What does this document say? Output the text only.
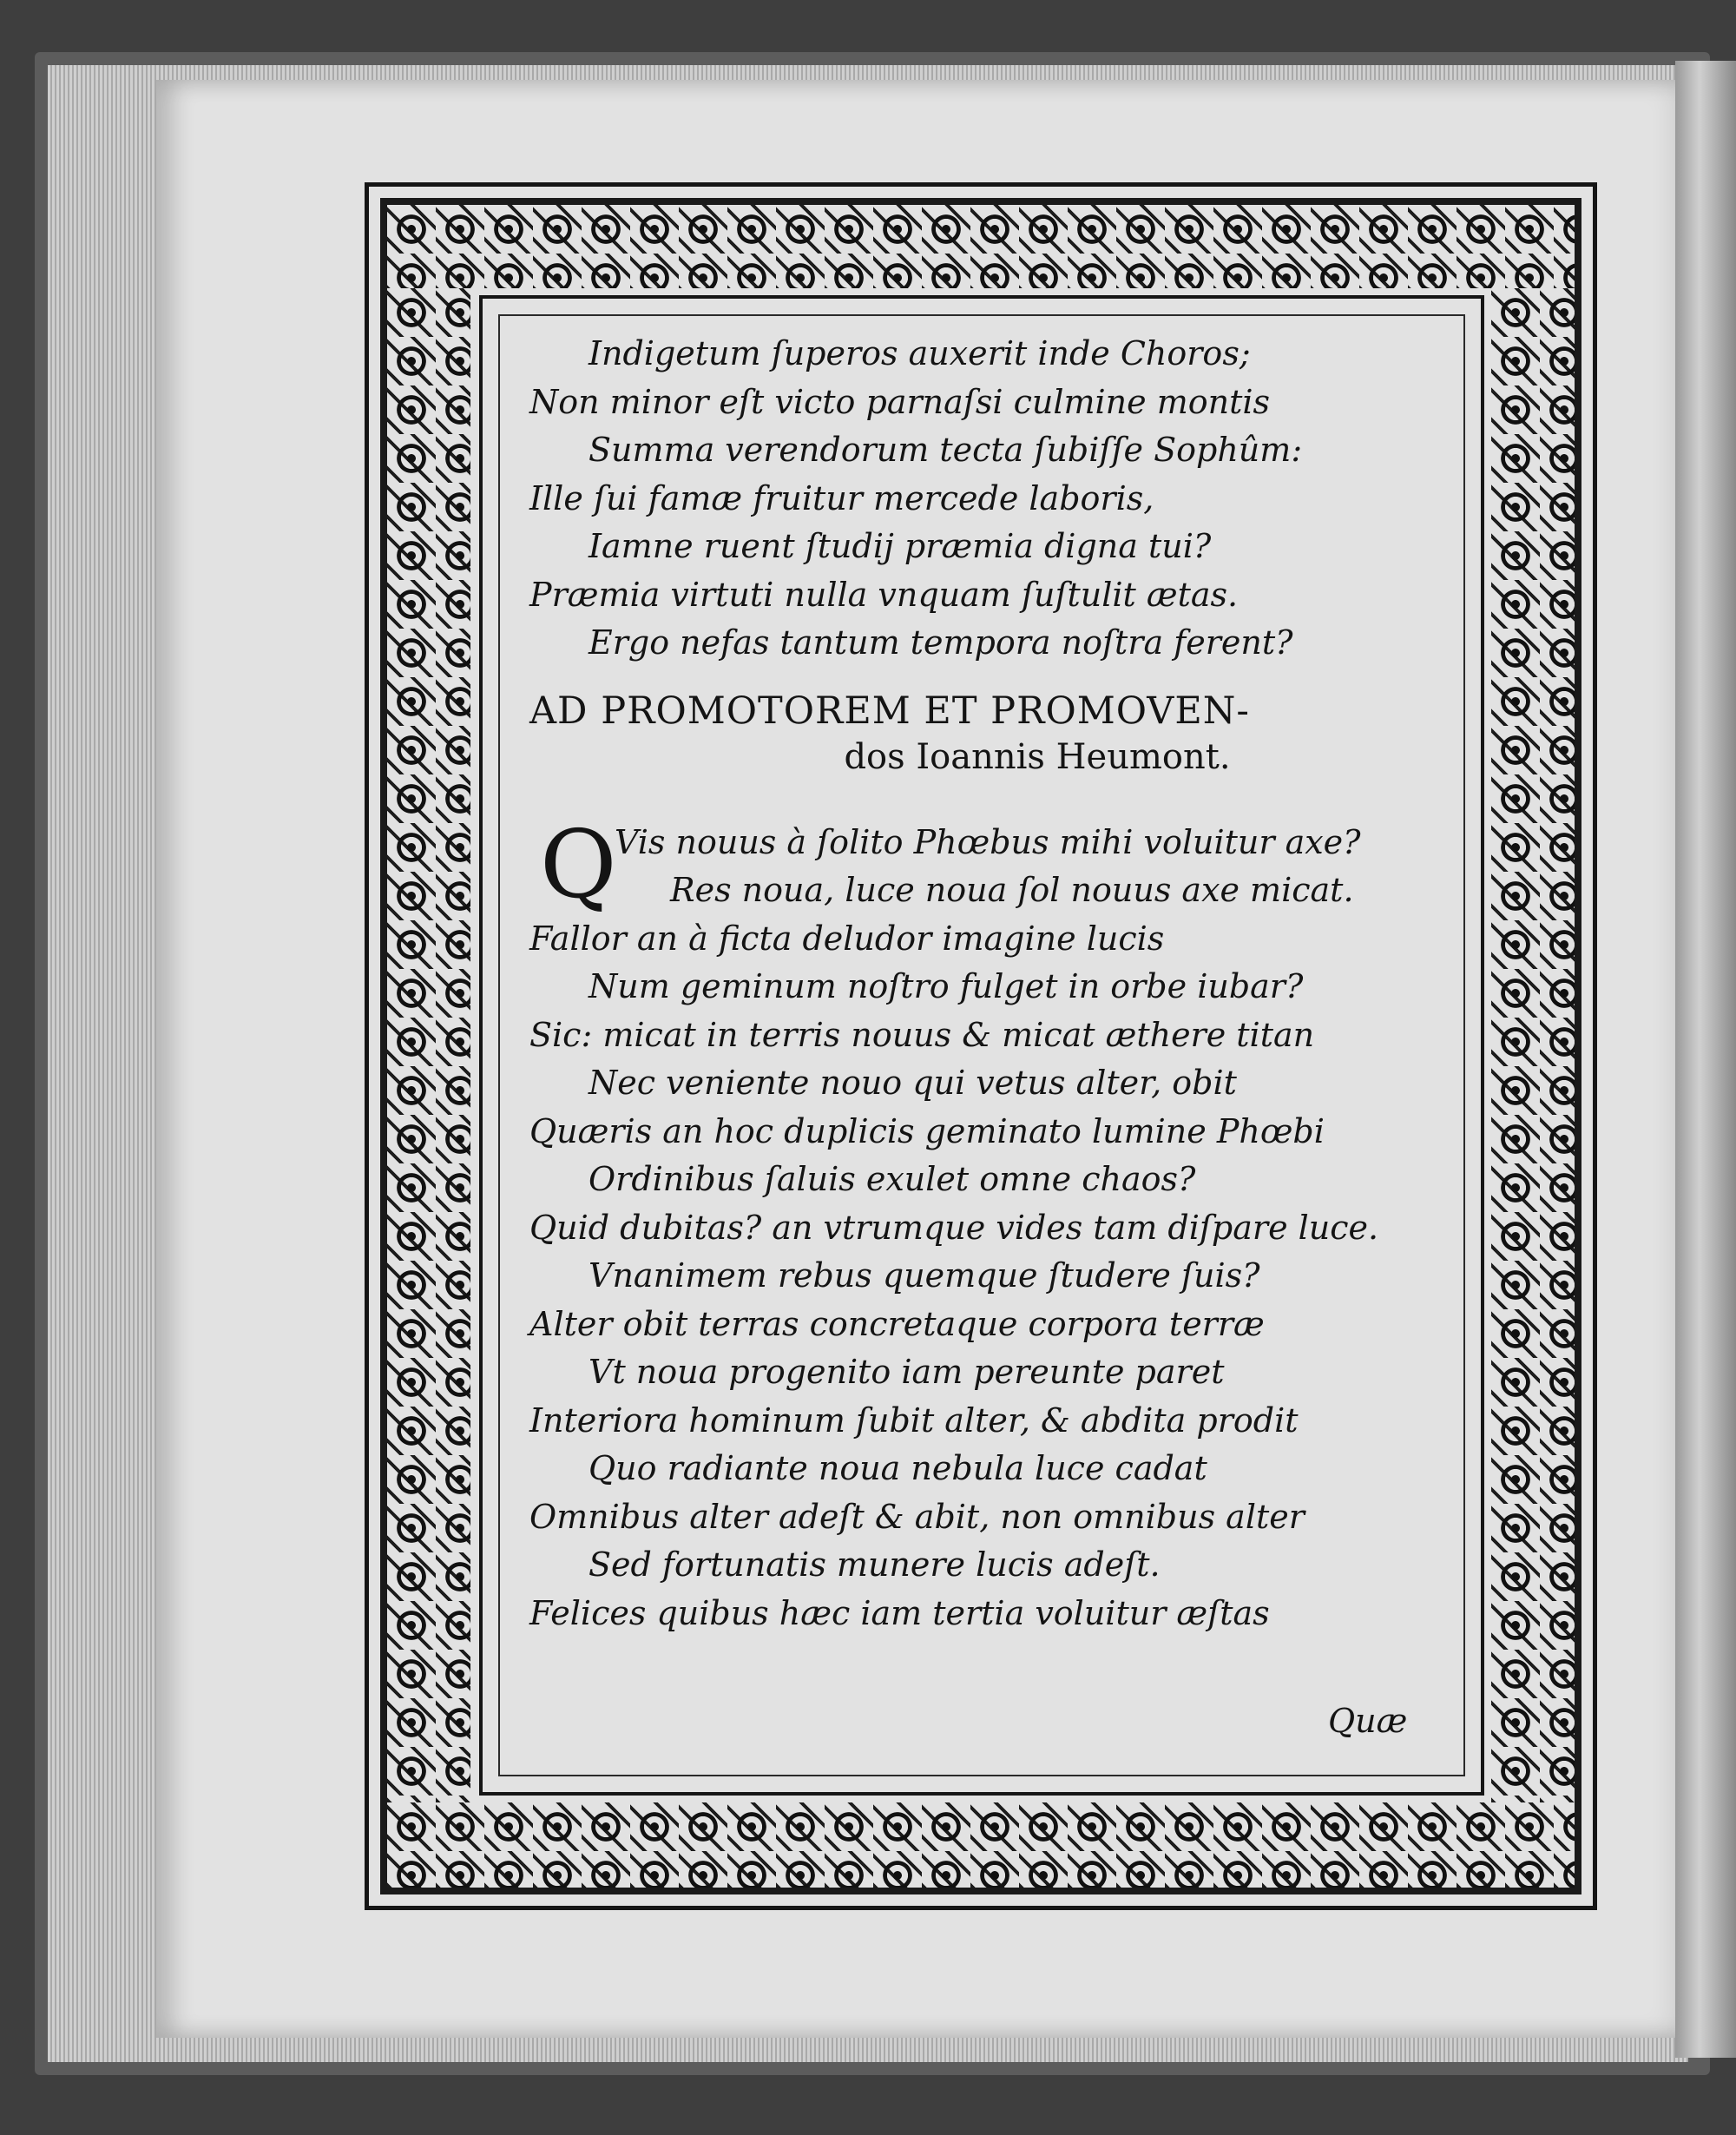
Indigetum ſuperos auxerit inde Choros;
Non minor eſt victo parnaſsi culmine montis
Summa verendorum tecta ſubiſſe Sophûm:
Ille ſui famæ fruitur mercede laboris,
Iamne ruent ſtudij præmia digna tui?
Præmia virtuti nulla vnquam ſuſtulit ætas.
Ergo nefas tantum tempora noſtra ferent?
AD PROMOTOREM ET PROMOVEN-
dos Ioannis Heumont.
Q
Vis nouus à ſolito Phœbus mihi voluitur axe?
Res noua, luce noua ſol nouus axe micat.
Fallor an à ficta deludor imagine lucis
Num geminum noſtro fulget in orbe iubar?
Sic: micat in terris nouus & micat æthere titan
Nec veniente nouo qui vetus alter, obit
Quæris an hoc duplicis geminato lumine Phœbi
Ordinibus ſaluis exulet omne chaos?
Quid dubitas? an vtrumque vides tam diſpare luce.
Vnanimem rebus quemque ſtudere ſuis?
Alter obit terras concretaque corpora terræ
Vt noua progenito iam pereunte paret
Interiora hominum ſubit alter, & abdita prodit
Quo radiante noua nebula luce cadat
Omnibus alter adeſt & abit, non omnibus alter
Sed fortunatis munere lucis adeſt.
Felices quibus hæc iam tertia voluitur æſtas
Quæ
